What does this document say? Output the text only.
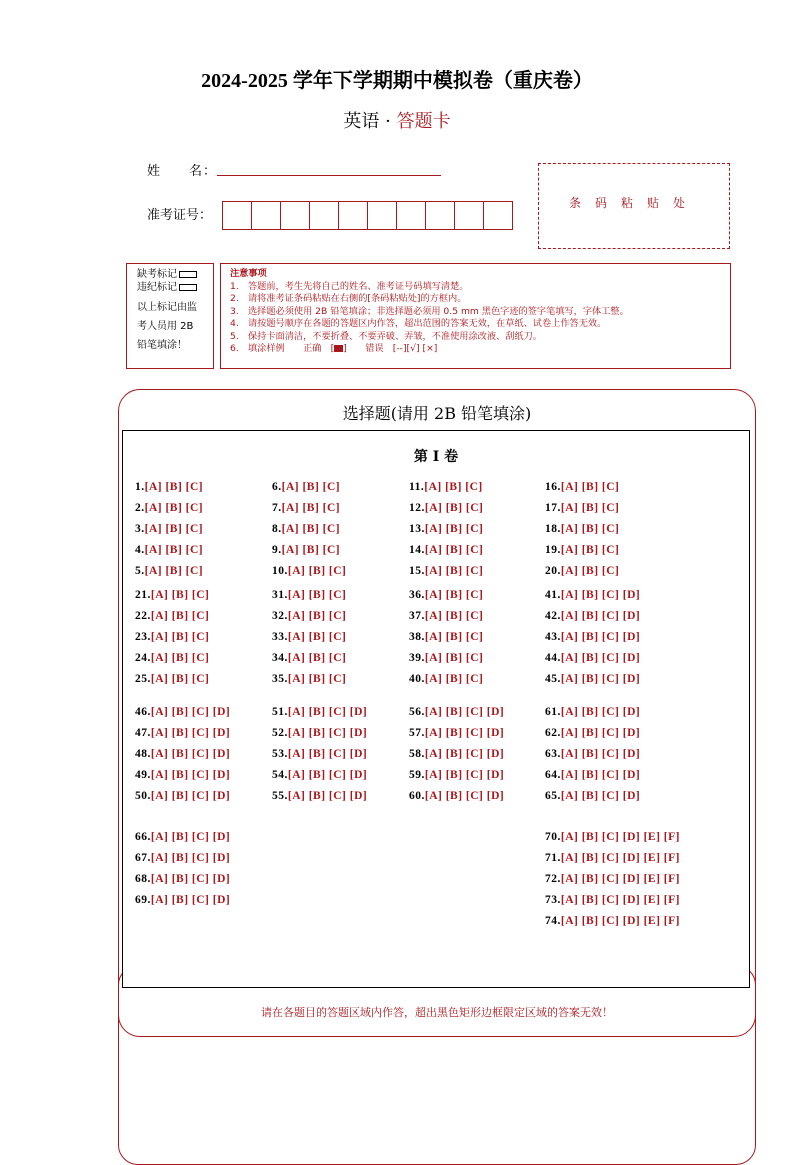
2024-2025 学年下学期期中模拟卷（重庆卷）
英语 · 答题卡
姓　　名：
准考证号：
条码粘贴处
缺考标记
违纪标记
以上标记由监
考人员用 2B
铅笔填涂！
注意事项
1.　答题前，考生先将自己的姓名、准考证号码填写清楚。
2.　请将准考证条码粘贴在右侧的[条码粘贴处]的方框内。
3.　选择题必须使用 2B 铅笔填涂；非选择题必须用 0.5 mm 黑色字迹的签字笔填写，字体工整。
4.　请按题号顺序在各题的答题区内作答，超出范围的答案无效，在草纸、试卷上作答无效。
5.　保持卡面清洁，不要折叠、不要弄破、弄皱，不准使用涂改液、刮纸刀。
6.　填涂样例　　正确　[ ]　　错误　[--][√] [×]
选择题(请用 2B 铅笔填涂)
第 I 卷
1.[A] [B] [C]
2.[A] [B] [C]
3.[A] [B] [C]
4.[A] [B] [C]
5.[A] [B] [C]
6.[A] [B] [C]
7.[A] [B] [C]
8.[A] [B] [C]
9.[A] [B] [C]
10.[A] [B] [C]
11.[A] [B] [C]
12.[A] [B] [C]
13.[A] [B] [C]
14.[A] [B] [C]
15.[A] [B] [C]
16.[A] [B] [C]
17.[A] [B] [C]
18.[A] [B] [C]
19.[A] [B] [C]
20.[A] [B] [C]
21.[A] [B] [C]
22.[A] [B] [C]
23.[A] [B] [C]
24.[A] [B] [C]
25.[A] [B] [C]
31.[A] [B] [C]
32.[A] [B] [C]
33.[A] [B] [C]
34.[A] [B] [C]
35.[A] [B] [C]
36.[A] [B] [C]
37.[A] [B] [C]
38.[A] [B] [C]
39.[A] [B] [C]
40.[A] [B] [C]
41.[A] [B] [C] [D]
42.[A] [B] [C] [D]
43.[A] [B] [C] [D]
44.[A] [B] [C] [D]
45.[A] [B] [C] [D]
46.[A] [B] [C] [D]
47.[A] [B] [C] [D]
48.[A] [B] [C] [D]
49.[A] [B] [C] [D]
50.[A] [B] [C] [D]
51.[A] [B] [C] [D]
52.[A] [B] [C] [D]
53.[A] [B] [C] [D]
54.[A] [B] [C] [D]
55.[A] [B] [C] [D]
56.[A] [B] [C] [D]
57.[A] [B] [C] [D]
58.[A] [B] [C] [D]
59.[A] [B] [C] [D]
60.[A] [B] [C] [D]
61.[A] [B] [C] [D]
62.[A] [B] [C] [D]
63.[A] [B] [C] [D]
64.[A] [B] [C] [D]
65.[A] [B] [C] [D]
66.[A] [B] [C] [D]
67.[A] [B] [C] [D]
68.[A] [B] [C] [D]
69.[A] [B] [C] [D]
70.[A] [B] [C] [D] [E] [F]
71.[A] [B] [C] [D] [E] [F]
72.[A] [B] [C] [D] [E] [F]
73.[A] [B] [C] [D] [E] [F]
74.[A] [B] [C] [D] [E] [F]
请在各题目的答题区域内作答，超出黑色矩形边框限定区域的答案无效！
